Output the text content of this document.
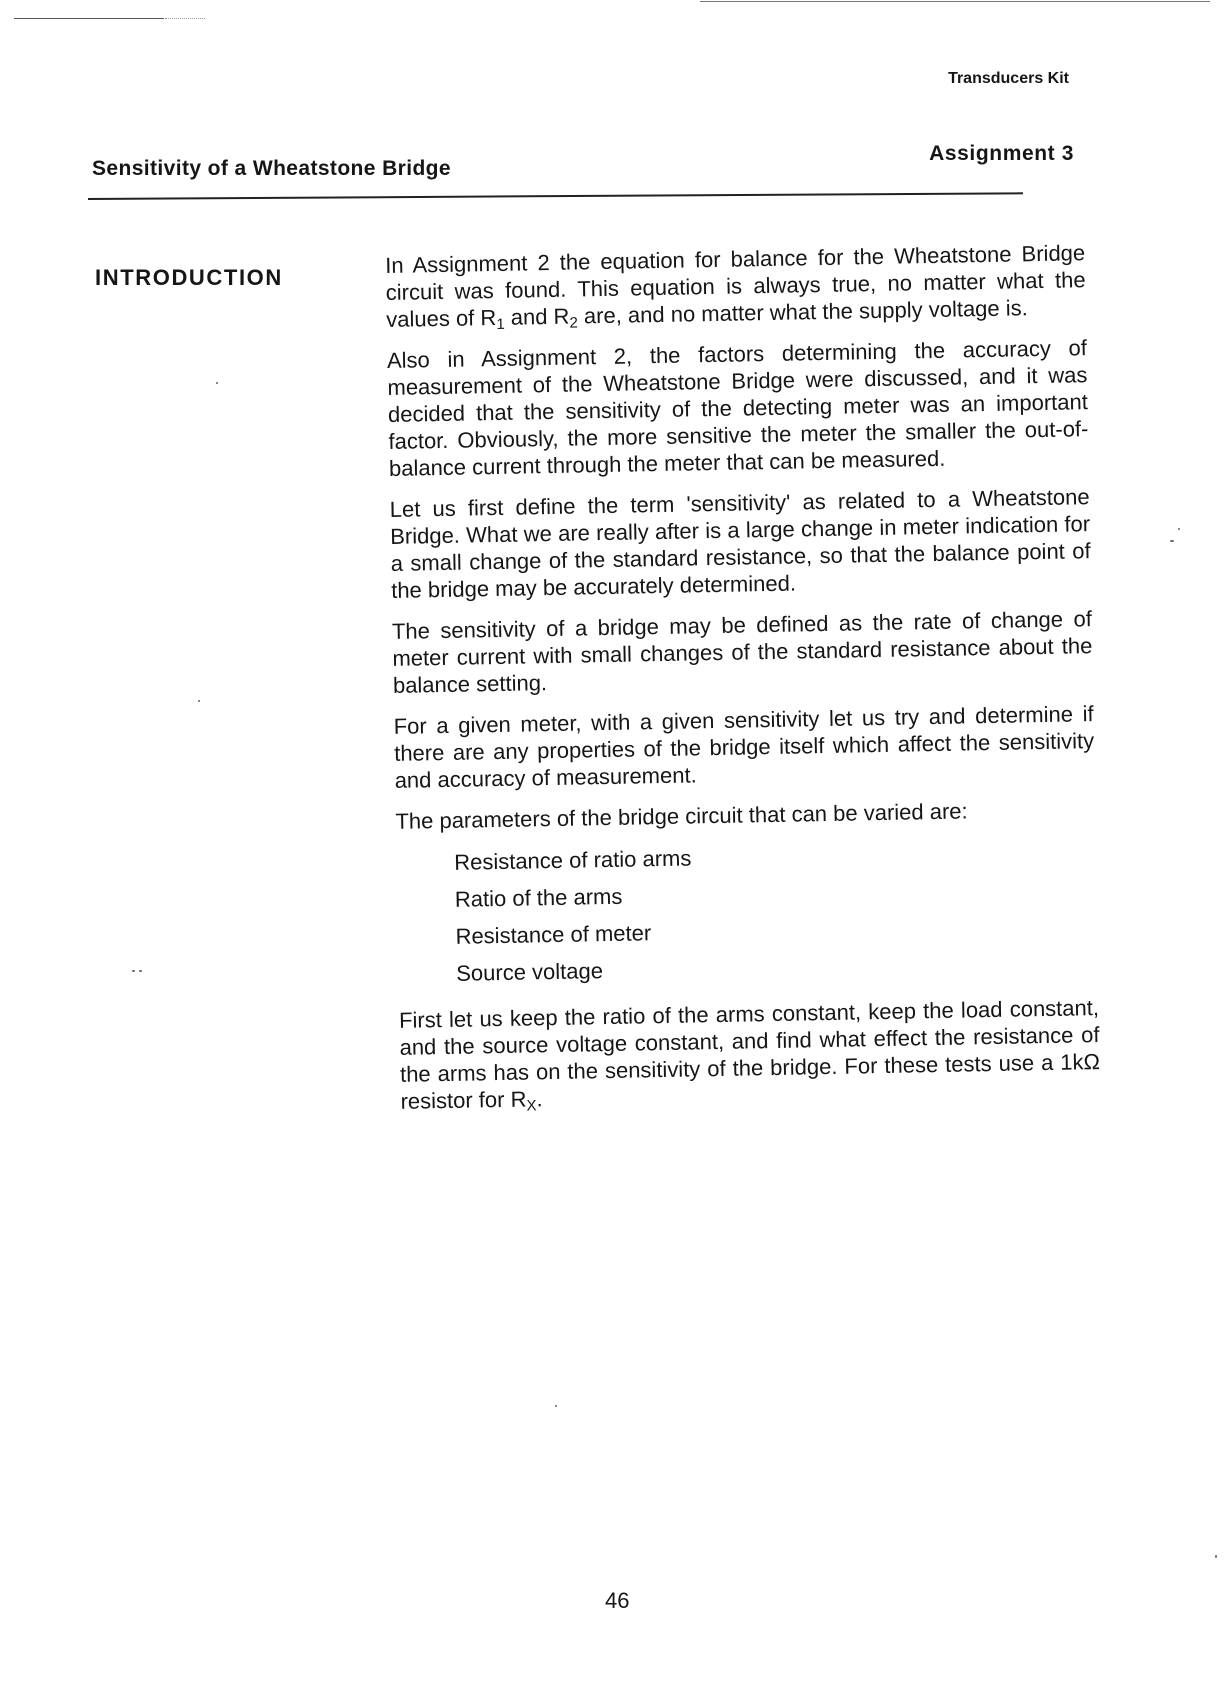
Transducers Kit
Sensitivity of a Wheatstone Bridge
Assignment 3
INTRODUCTION	In Assignment 2 the equation for balance for the Wheatstone Bridge circuit was found. This equation is always true, no matter what the values of $R_1$ and $R_2$ are, and no matter what the supply voltage is.

Also in Assignment 2, the factors determining the accuracy of measurement of the Wheatstone Bridge were discussed, and it was decided that the sensitivity of the detecting meter was an important factor. Obviously, the more sensitive the meter the smaller the out-of-balance current through the meter that can be measured.

Let us first define the term 'sensitivity' as related to a Wheatstone Bridge. What we are really after is a large change in meter indication for a small change of the standard resistance, so that the balance point of the bridge may be accurately determined.

The sensitivity of a bridge may be defined as the rate of change of meter current with small changes of the standard resistance about the balance setting.

For a given meter, with a given sensitivity let us try and determine if there are any properties of the bridge itself which affect the sensitivity and accuracy of measurement.

The parameters of the bridge circuit that can be varied are:

Resistance of ratio arms
Ratio of the arms
Resistance of meter
Source voltage

First let us keep the ratio of the arms constant, keep the load constant, and the source voltage constant, and find what effect the resistance of the arms has on the sensitivity of the bridge. For these tests use a 1kΩ resistor for $R_X$.

46
